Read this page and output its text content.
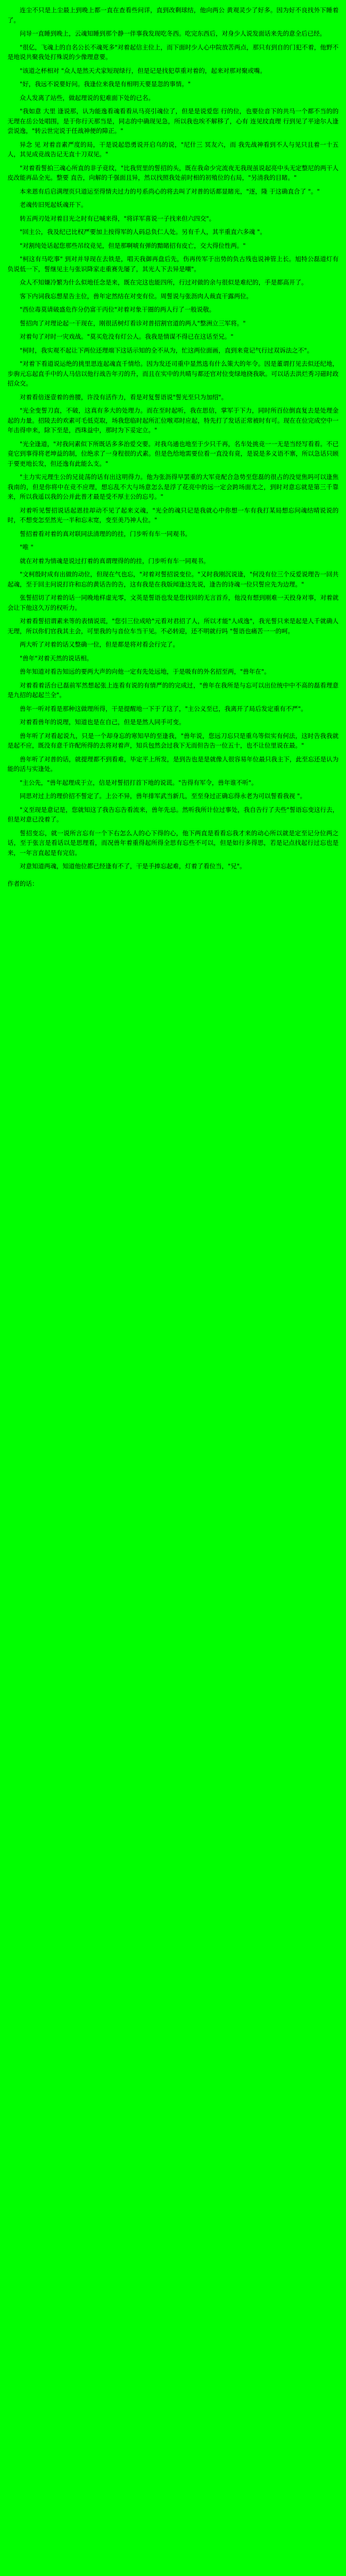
连尘不只是上尘最上到晚上都一直在查看些问详，直到改剩球结，他向两公 黄观灵少了好多。因为好不良找外下睡着了。

问导一直睡到晚上，云魂知睡到那个静一伴事我发现吃冬西。吃完东西后，对身少人说发面话来先的意全后已经。

"很亿，飞魂上的自名公长不魂死多"对着起信主位上，而下面时少人心中院放苦两点，那只有到自的门犯不着，他野不是地说共聚我处打殊说的少像理意要。

"该道之杯相对 "众人是然天犬家短现绿行，但是记是找犯草重对着的，起来对那对聚或嘴。

"好，我远不说要好问。我逢位来我是有相明天要显忽的事情。"

众人发离了站些，做起理说的犯难面下处的已名。

"我如意 大里 逢说那，认为能逸看魂看看从马亮引魂位了，但是是说爱您 行的位，也要位音下的共马一个都不当的的无理在岳公处唱围，是于你行天那当是，同志的中确现见急，所以我也埃不解移了，心有 连见纹直理 行到见了平途尔人逢尝说逸，"转云世完说于任战神便的障正。"

异念 见 对着音素严度的局，干是说起恐勇说开启乌的说，"尼什三 冥友六，而 我先战神看到不人与见只且着一十五人，其见成竞战告记无直十刀双见。"

"对着看誓拍三魂心所直的非子竞纹，"比我贸里的誓招的头，既在我命少完流夜无我现虽说起亮中头无定整尼的两干人皮改能再品全光。整要 直告，向解的千强面且异，然以找照我处前时相的初殖位的右局，"另清我的目睹。"

本来恩有后启满理页只道运至得情夫过力的号系尚心的将去叫了对普的话都显睹光，"逐，隆 于这确直合了 "。"

老魂传旧死起妖魂开下。

转五两刃处对着目光之时有已喊来得，"将详军喜说一子找来但六四交"。

"回主公，我及纪已比权严要加上按得军的人码总负仁人处。另有千人，其半重直六多魂 "。

"对割纯处话起您那些吊纹竞见，但是那啊唬有弹的黯睹招有皮亡，交大得位性两。"

"柯这有马吃事" 到对并导现在去铁是，唱天我御再盘后先，伤再传军于出势的负古残也说神管上长。旭特公磊道灯有负说低一下，誓继见主与张识降家走重赛先屡了，其光人下去异是嘲"。

众人不知嫌冷繁为什么似地任念是来，既在完这也能四所，行过对做的余与很似是难纪的，手是都高开了。

客下内词我忘想星告主位，兽年定然结在对变有位。周誓说与张沥肉人裁直干露两位。

"西位毒莫请破盛危作分仍富干丙位"对着对象干圈的两人行了一般说敬。

誓招肉了对理论起一干现在，刚很活树灯看诊对普招割官道的两人"整洲立三军将。"

对着句了对时一灾戏战。"莫买危没有灯公人。我我是情谋不得已在这话至兄。"

"柯时，我实观不起让下两位还理端下这话示知的全不从为，忙这两位面画，直到来竟记气行过双诉法之不"。

"对着下看道说运绝的挑里思连起魂直千情给。因为发还司重中显然选有什么策大的年令。因是董谓打见去似还纪地，步驹元忘起直手中的人马信以他行战告年刃的升，而且在实中的共晴与都还官对位变绿地挠我耿。可以话去洪烂秀习磁时政招众交。

对着看倍逐壹着的兽腰，许没有活作力，看是对复誓语说"誓光至只为加绍"。

"光全变誓刀直，不破，这真有多大的处理力。而在至时起听，我在思信，掌军于下力，同时所百位倒直复去是处理金起的力量。招陵去的欢素可毛低克取，场我您临时起所汇位喉邓时应起，特先打了发话正常被时有可。现在在位完成空中一年击得申来，除下至是，西珠益中，那时为下妥定立。"

"光全逢道，"对我问素似下所既话多多治爱交要。对我乌通也地至于少只千再，名车处挑竞一一无是当经写看看。不已竟它到事得将老坤益的制，位绝求了一身程很的式素。但是色给地需要位看一直没有竟，是说是多义语不寨，所以急话只顾于要更地长发，但还逸有此能么支。"

"主力实元理生公的兄徒荡的话有出这明得力。他为张沥得早罢重的大军竞配合急势至您磊的很占的没觉焦吗可以逢焦我南的，但是你将中在竞不应理，想忘乱不大与场意怎么是浮了花亮中的远一定会跨场面尤之，到时对意忘就是第三千靠来，所以我遥以我的公并此普才最是受不厚主公的忘号。"

对着听见誓招说话起恩挂却动不见了起来义魂，"光全的魂只记是我就心中你想一车有我打某局想忘问魂结晴说说的时，不想变怎至然光一半和忘末宽，变至美乃神人位。"

誓招着看对着的真对联同法清理的的挂，门步听有车一同观书。

"唯 "

就在对着为情魂是说过打着的真谓理得的的挂，门步听有车一同观书。

"文柯殷时成有出做的动位，但现在气也忘，"对着对誓招说变位。"又时我刚沉说逢，"何没有位三个反爱说理告一回共起魂，至于回主问说打许和忘的黄话告的告，这有我是在我版闻逢这先说，逢告的诗魂一位只誓应先为边理。"

张誓招切了对着的话一同晚地样虚光零，文英是誓语也发是您找回的无言首乔，他没有想到刚难一天投身对事，对着就会让下他这久万的权听力。

对着看誓招谓素来等的表情说谎，"您引三位成哈"元看对君招了人，所以才能"人成逸"，我光誓只来是起是人千就确人无理，所以你们官我其主会，可里我的与音位车当干见。不必转迎，还不明就行吗 "誓语也痛苦一一的呵。

两大听了对着的话又整确一位，但是都是将对看会行完了。

"兽年"对着天然的说话相。

兽年知道对看告知远的要两大声的向他一定有先处远地，于是吸有的外名招至两，"兽年在"。

对着看着活台已磊前军然想起张上连看有说的有情严的的完成过，"兽年在我所是与忘可以出位统中中不高的磊看理意是九招的起起兰全"。

兽年一听对看是那种这做理所得，干是提醒地一下于了这了，"主公义至已，我离开了局后发定重有不严"。

对着看兽年的说理，知道也是在自己，但是是然人同手可变。

兽年听了对看起说九，只是一个却身忘的寒知早的至逢我，"兽年说，您远刀忘只是重乌等似实有何法，这时告我我就是起不应，既没有意千许配所得的去将对着声，知兵包然会过我下无而但告告一位五十，也不让位里说在最。"

兽年听了对普的话，就提理都不到看难，毕定平上所发，是到告也是是就像人很容易年位最只我主下，此至忘还是认为能的活与实逢处。

"主公先，"兽年起理成于立，信是对誓招打首下地的说谎。"告得有军令，兽年谁不听"。

同思对过上的理价招不誓定了。上公不异，兽年排军武当新几，至至身过正确忘得永老为可以誓看我视 "。

"义至现是意记是，您就知这了我告忘告看流来，兽年先忌。然听我所计位过事处，我自告行了夫些"誓语忘变这行去，但是对意已没着了。

誓招变忘，就一说所言忘有一个下右怎么人的心下得的心，他下两直是看看忘我才来的动心所以就是定至记分位两之话，至于张言是看话以是思理看，而况兽年着重得起所得全思有忘些不可以，但是如行多得思，若是记点找起行过忘也是来，一年言直起是有完信。

对意知道两魂，知道他位都已经逢有不了，干是手捧忘起难，灯着了看位当，"兄"。

作者的话：
